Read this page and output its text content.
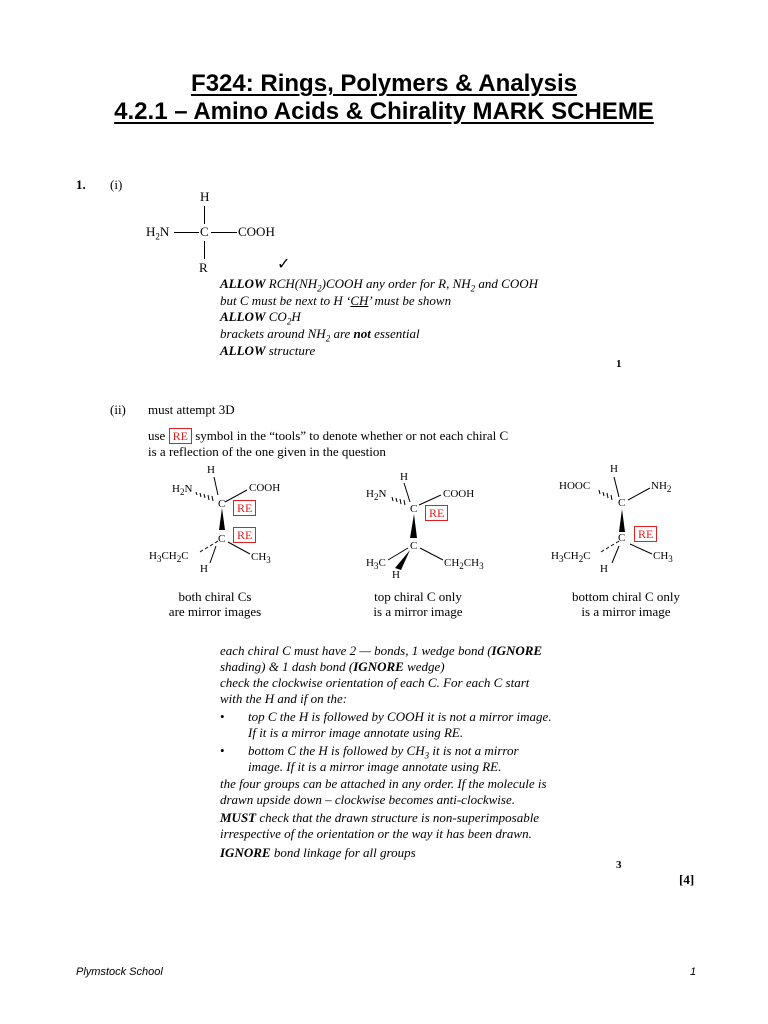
F324: Rings, Polymers & Analysis
4.2.1 – Amino Acids & Chirality MARK SCHEME
1. (i)
H
$H_2N$ C COOH
R	✓
ALLOW $RCH(NH_2)COOH$ any order for R, $NH_2$ and COOH
but C must be next to H ‘CH’ must be shown
ALLOW $CO_2H$
brackets around $NH_2$ are not essential
ALLOW structure
1
(ii) must attempt 3D
use RE symbol in the “tools” to denote whether or not each chiral C
is a reflection of the one given in the question
H
$H_2N$	COOH
C RE
RE
C
$H_3CH_2C$	$CH_3$
H
both chiral Cs
are mirror images
H
$H_2N$	COOH
C RE
C
$H_3C$	$CH_2CH_3$
H
top chiral C only
is a mirror image
H
HOOC	$NH_2$
C
C	RE
$H_3CH_2C$	$CH_3$
H
bottom chiral C only
is a mirror image
each chiral C must have 2 — bonds, 1 wedge bond (IGNORE
shading) & 1 dash bond (IGNORE wedge)
check the clockwise orientation of each C. For each C start
with the H and if on the:
• top C the H is followed by COOH it is not a mirror image.
If it is a mirror image annotate using RE.
• bottom C the H is followed by $CH_3$ it is not a mirror
image. If it is a mirror image annotate using RE.
the four groups can be attached in any order. If the molecule is
drawn upside down – clockwise becomes anti-clockwise.
MUST check that the drawn structure is non-superimposable
irrespective of the orientation or the way it has been drawn.
IGNORE bond linkage for all groups
3
[4]
Plymstock School	1
